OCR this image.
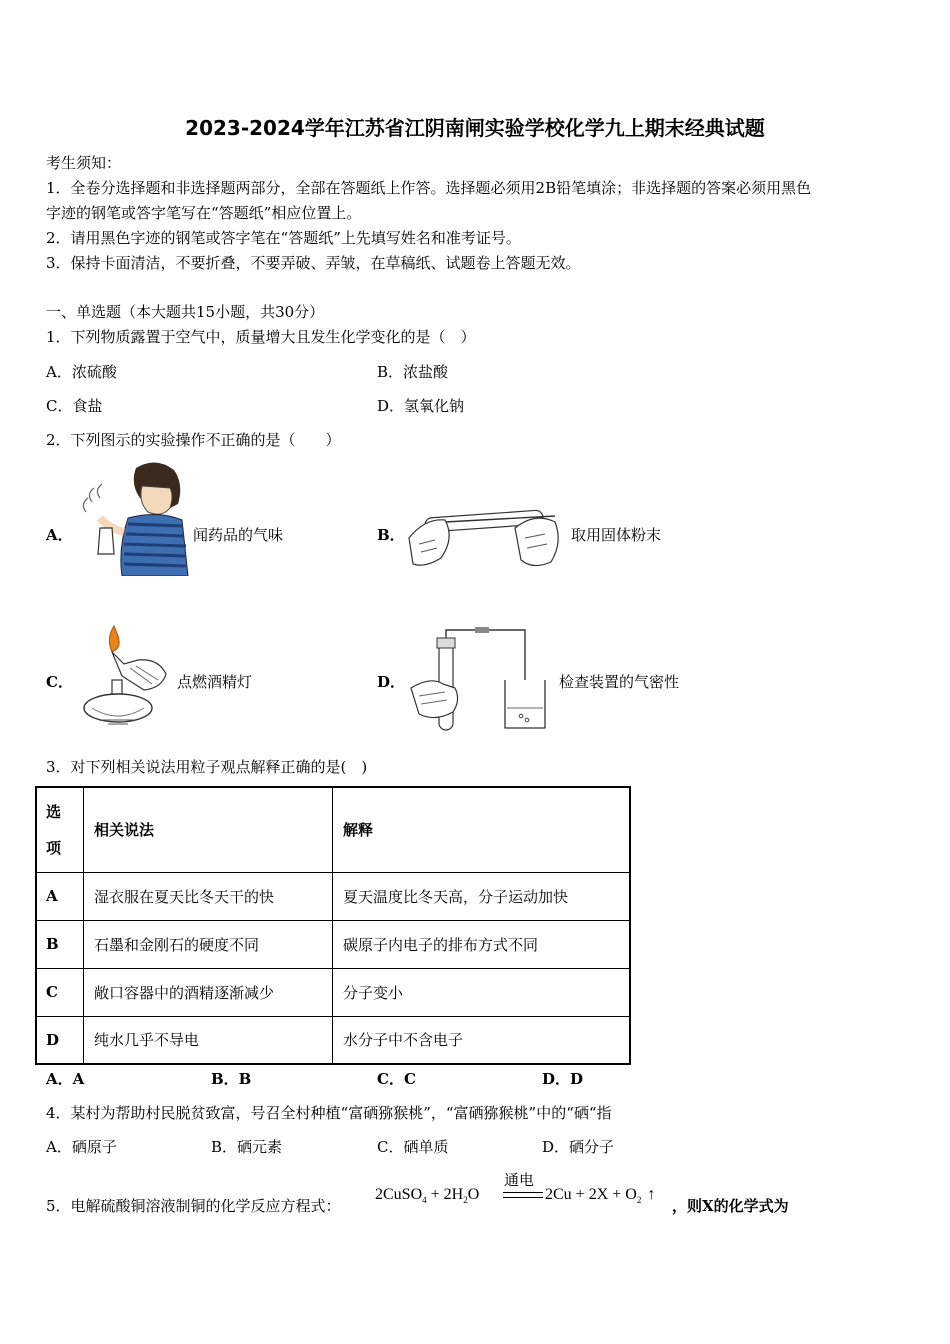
2023-2024学年江苏省江阴南闸实验学校化学九上期末经典试题
考生须知：
1．全卷分选择题和非选择题两部分，全部在答题纸上作答。选择题必须用2B铅笔填涂；非选择题的答案必须用黑色
字迹的钢笔或答字笔写在“答题纸”相应位置上。
2．请用黑色字迹的钢笔或答字笔在“答题纸”上先填写姓名和准考证号。
3．保持卡面清洁，不要折叠，不要弄破、弄皱，在草稿纸、试题卷上答题无效。
一、单选题（本大题共15小题，共30分）
1．下列物质露置于空气中，质量增大且发生化学变化的是（　）
A．浓硫酸	B．浓盐酸
C．食盐	D．氢氧化钠
2．下列图示的实验操作不正确的是（　　）
A．	闻药品的气味	B．	取用固体粉末
C．	点燃酒精灯	D．	检查装置的气密性
3．对下列相关说法用粒子观点解释正确的是(　)
选
项	相关说法	解释
A	湿衣服在夏天比冬天干的快	夏天温度比冬天高，分子运动加快
B	石墨和金刚石的硬度不同	碳原子内电子的排布方式不同
C	敞口容器中的酒精逐渐减少	分子变小
D	纯水几乎不导电	水分子中不含电子
A．A	B．B	C．C	D．D
4．某村为帮助村民脱贫致富，号召全村种植“富硒猕猴桃”，“富硒猕猴桃”中的“硒“指
A．硒原子	B．硒元素	C．硒单质	D．硒分子
5．电解硫酸铜溶液制铜的化学反应方程式：
2CuSO$_4$ + $2H_2O$
通电
$2Cu + 2X + O_2$ ↑
，则X的化学式为
